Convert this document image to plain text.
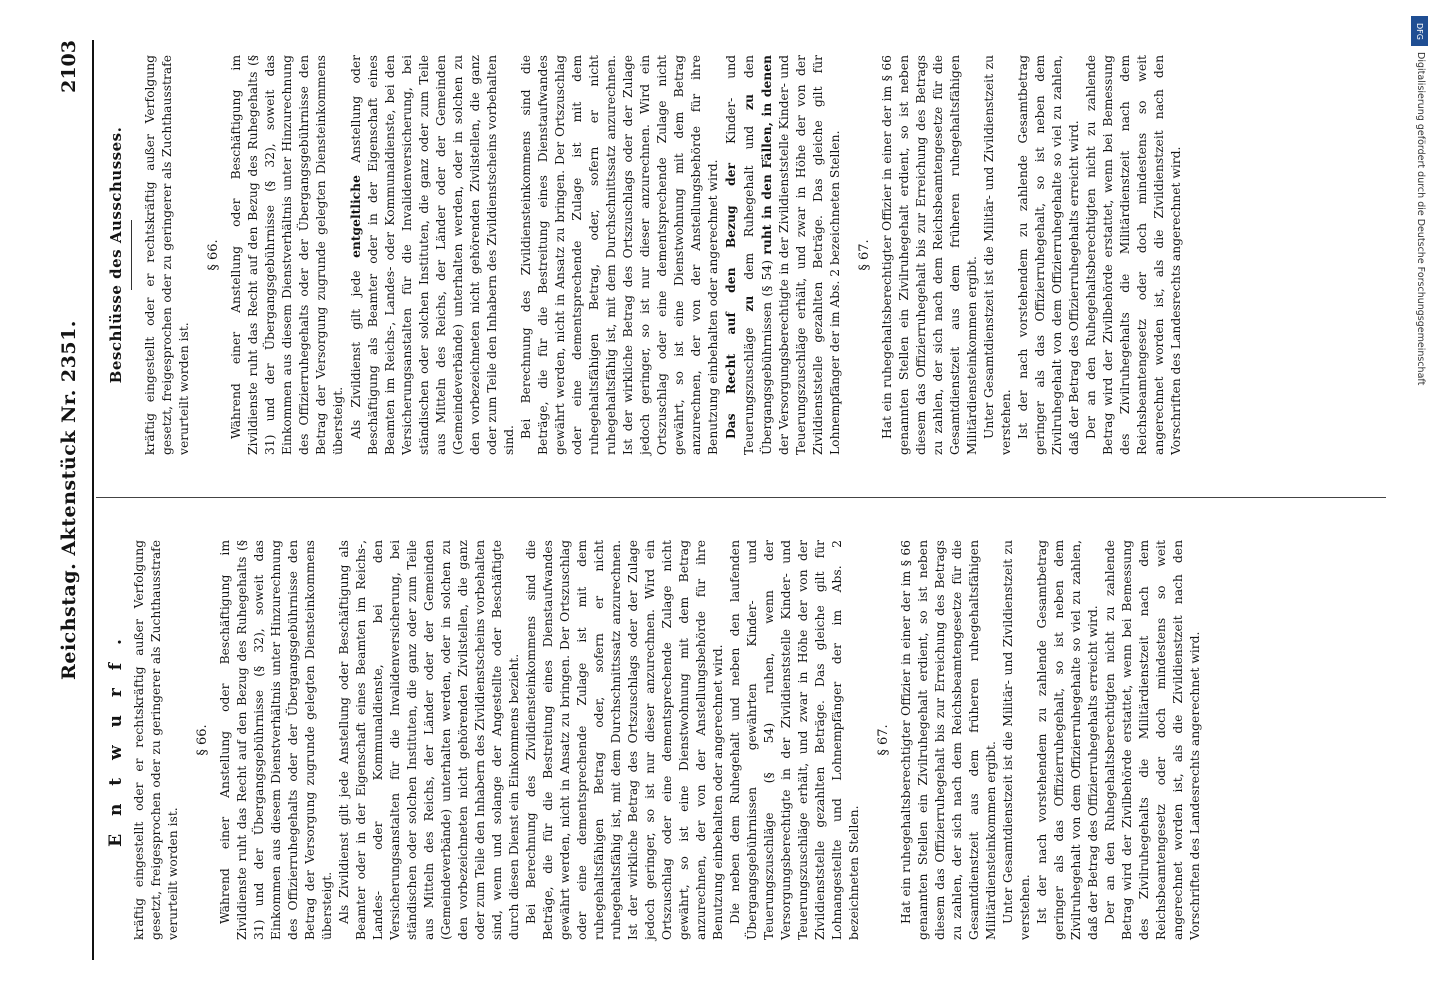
Reichstag. Aktenstück Nr. 2351.
2103
E n t w u r f . kräftig eingestellt oder er rechtskräftig außer Verfolgung gesetzt, freigesprochen oder zu geringerer als Zuchthausstrafe verurteilt worden ist.

§ 66. Während einer Anstellung oder Beschäftigung im Zivildienste ruht das Recht auf den Bezug des Ruhegehalts (§ 31) und der Übergangsgebührnisse (§ 32), soweit das Einkommen aus diesem Dienstverhältnis unter Hinzurechnung des Offizierruhegehalts oder der Übergangsgebührnisse den Betrag der Versorgung zugrunde gelegten Diensteinkommens übersteigt. Als Zivildienst gilt jede Anstellung oder Beschäftigung als Beamter oder in der Eigenschaft eines Beamten im Reichs-, Landes- oder Kommunaldienste, bei den Versicherungsanstalten für die Invalidenversicherung, bei ständischen oder solchen Instituten, die ganz oder zum Teile aus Mitteln des Reichs, der Länder oder der Gemeinden (Gemeindeverbände) unterhalten werden, oder in solchen zu den vorbezeichneten nicht gehörenden Zivilstellen, die ganz oder zum Teile den Inhabern des Zivildienstscheins vorbehalten sind, wenn und solange der Angestellte oder Beschäftigte durch diesen Dienst ein Einkommens bezieht. Bei Berechnung des Zivildiensteinkommens sind die Beträge, die für die Bestreitung eines Dienstaufwandes gewährt werden, nicht in Ansatz zu bringen. Der Ortszuschlag oder eine dementsprechende Zulage ist mit dem ruhegehaltsfähigen Betrag oder, sofern er nicht ruhegehaltsfähig ist, mit dem Durchschnittssatz anzurechnen. Ist der wirkliche Betrag des Ortszuschlags oder der Zulage jedoch geringer, so ist nur dieser anzurechnen. Wird ein Ortszuschlag oder eine dementsprechende Zulage nicht gewährt, so ist eine Dienstwohnung mit dem Betrag anzurechnen, der von der Anstellungsbehörde für ihre Benutzung einbehalten oder angerechnet wird. Die neben dem Ruhegehalt und neben den laufenden Übergangsgebührnissen gewährten Kinder- und Teuerungszuschläge (§ 54) ruhen, wenn der Versorgungsberechtigte in der Zivildienststelle Kinder- und Teuerungszuschläge erhält, und zwar in Höhe der von der Zivildienststelle gezahlten Beträge. Das gleiche gilt für Lohnangestellte und Lohnempfänger der im Abs. 2 bezeichneten Stellen.

§ 67. Hat ein ruhegehaltsberechtigter Offizier in einer der im § 66 genannten Stellen ein Zivilruhegehalt erdient, so ist neben diesem das Offizierruhegehalt bis zur Erreichung des Betrags zu zahlen, der sich nach dem Reichsbeamtengesetze für die Gesamtdienstzeit aus dem früheren ruhegehaltsfähigen Militärdiensteinkommen ergibt. Unter Gesamtdienstzeit ist die Militär- und Zivildienstzeit zu verstehen. Ist der nach vorstehendem zu zahlende Gesamtbetrag geringer als das Offizierruhegehalt, so ist neben dem Zivilruhegehalt von dem Offizierruhegehalte so viel zu zahlen, daß der Betrag des Offizierruhegehalts erreicht wird. Der an den Ruhegehaltsberechtigten nicht zu zahlende Betrag wird der Zivilbehörde erstattet, wenn bei Bemessung des Zivilruhegehalts die Militärdienstzeit nach dem Reichsbeamtengesetz oder doch mindestens so weit angerechnet worden ist, als die Zivildienstzeit nach den Vorschriften des Landesrechts angerechnet wird.

Beschlüsse des Ausschusses. kräftig eingestellt oder er rechtskräftig außer Verfolgung gesetzt, freigesprochen oder zu geringerer als Zuchthausstrafe verurteilt worden ist.

§ 66. Während einer Anstellung oder Beschäftigung im Zivildienste ruht das Recht auf den Bezug des Ruhegehalts (§ 31) und der Übergangsgebührnisse (§ 32), soweit das Einkommen aus diesem Dienstverhältnis unter Hinzurechnung des Offizierruhegehalts oder der Übergangsgebührnisse den Betrag der Versorgung zugrunde gelegten Diensteinkommens übersteigt. Als Zivildienst gilt jede entgeltliche Anstellung oder Beschäftigung als Beamter oder in der Eigenschaft eines Beamten im Reichs-, Landes- oder Kommunaldienste, bei den Versicherungsanstalten für die Invalidenversicherung, bei ständischen oder solchen Instituten, die ganz oder zum Teile aus Mitteln des Reichs, der Länder oder der Gemeinden (Gemeindeverbände) unterhalten werden, oder in solchen zu den vorbezeichneten nicht gehörenden Zivilstellen, die ganz oder zum Teile den Inhabern des Zivildienstscheins vorbehalten sind.

Bei Berechnung des Zivildiensteinkommens sind die Beträge, die für die Bestreitung eines Dienstaufwandes gewährt werden, nicht in Ansatz zu bringen. Der Ortszuschlag oder eine dementsprechende Zulage ist mit dem ruhegehaltsfähigen Betrag, oder, sofern er nicht ruhegehaltsfähig ist, mit dem Durchschnittssatz anzurechnen. Ist der wirkliche Betrag des Ortszuschlags oder der Zulage jedoch geringer, so ist nur dieser anzurechnen. Wird ein Ortszuschlag oder eine dementsprechende Zulage nicht gewährt, so ist eine Dienstwohnung mit dem Betrag anzurechnen, der von der Anstellungsbehörde für ihre Benutzung einbehalten oder angerechnet wird. Das Recht auf den Bezug der Kinder- und Teuerungszuschläge zu dem Ruhegehalt und zu den Übergangsgebührnissen (§ 54) ruht in den Fällen, in denen der Versorgungsberechtigte in der Zivildienststelle Kinder- und Teuerungszuschläge erhält, und zwar in Höhe der von der Zivildienststelle gezahlten Beträge. Das gleiche gilt für Lohnempfänger der im Abs. 2 bezeichneten Stellen. § 67. Hat ein ruhegehaltsberechtigter Offizier in einer der im § 66 genannten Stellen ein Zivilruhegehalt erdient, so ist neben diesem das Offizierruhegehalt bis zur Erreichung des Betrags zu zahlen, der sich nach dem Reichsbeamtengesetze für die Gesamtdienstzeit aus dem früheren ruhegehaltsfähigen Militärdiensteinkommen ergibt. Unter Gesamtdienstzeit ist die Militär- und Zivildienstzeit zu verstehen. Ist der nach vorstehendem zu zahlende Gesamtbetrag geringer als das Offizierruhegehalt, so ist neben dem Zivilruhegehalt von dem Offizierruhegehalte so viel zu zahlen, daß der Betrag des Offizierruhegehalts erreicht wird. Der an den Ruhegehaltsberechtigten nicht zu zahlende Betrag wird der Zivilbehörde erstattet, wenn bei Bemessung des Zivilruhegehalts die Militärdienstzeit nach dem Reichsbeamtengesetz oder doch mindestens so weit angerechnet worden ist, als die Zivildienstzeit nach den Vorschriften des Landesrechts angerechnet wird.

DFG
Digitalisierung gefördert durch die Deutsche Forschungsgemeinschaft
